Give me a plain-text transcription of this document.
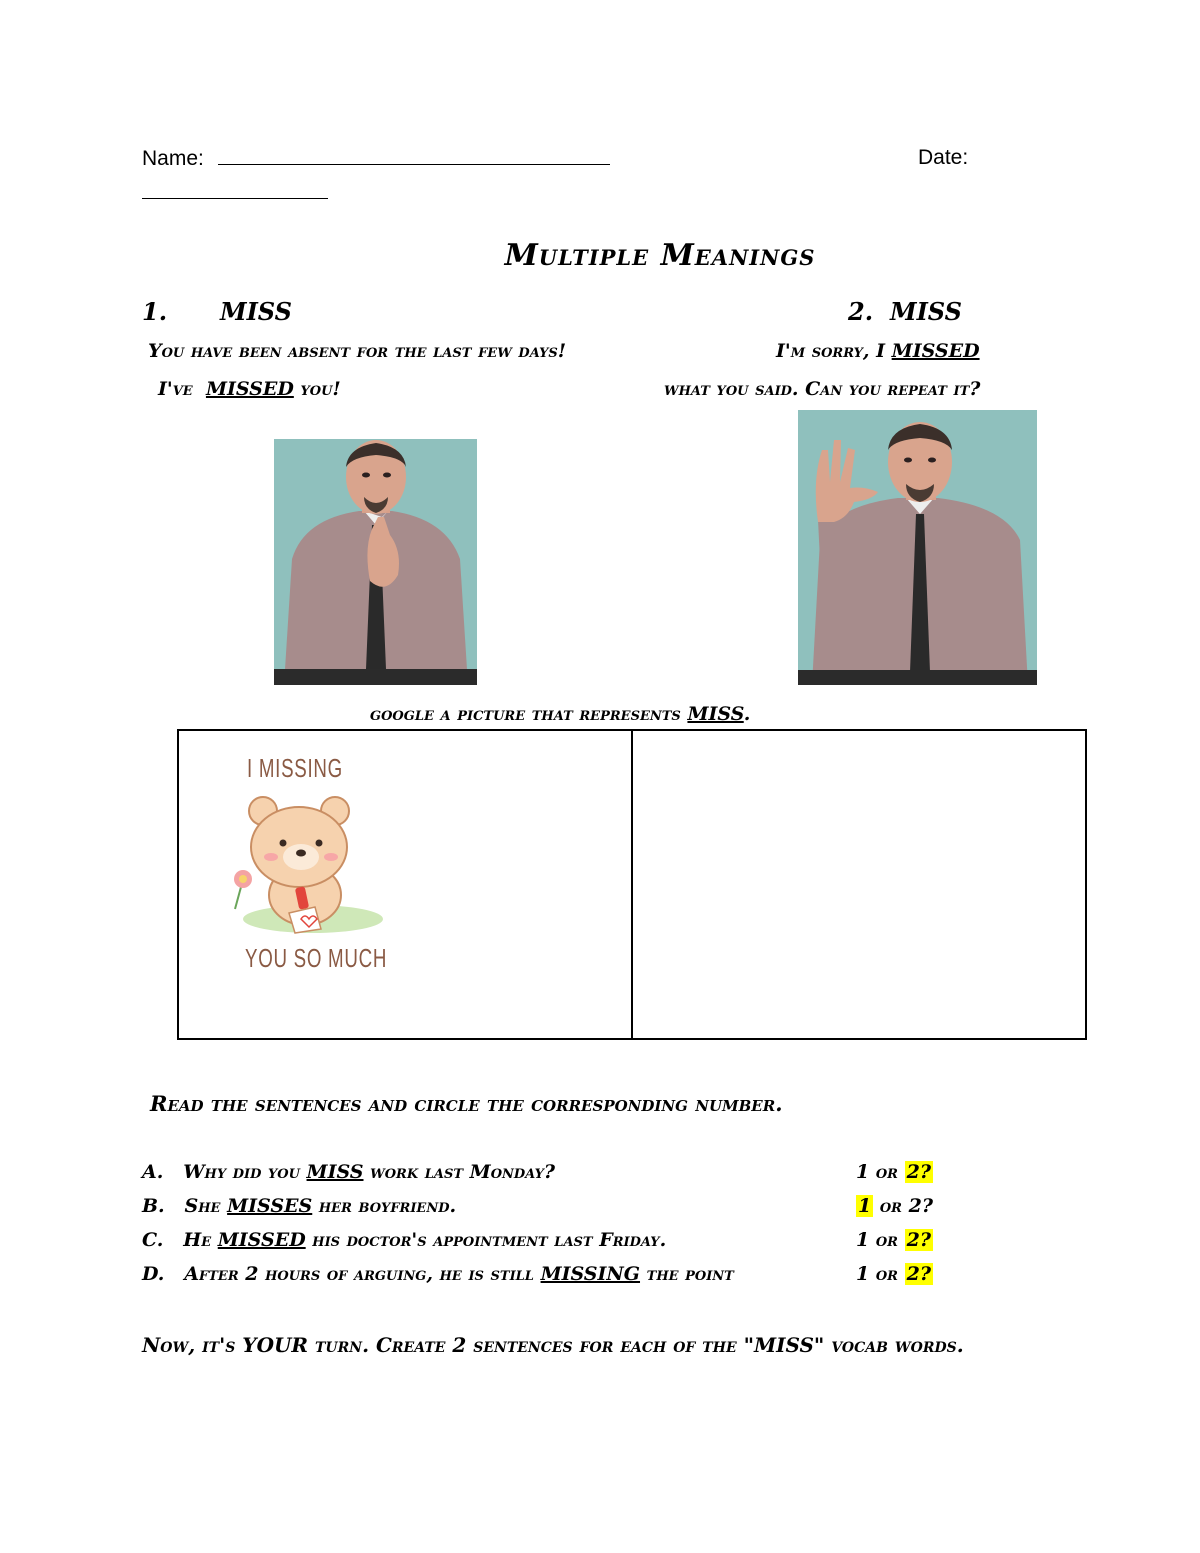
Name:	Date:
Multiple Meanings
1. MISS
You have been absent for the last few days!
I've MISSED you!
2. MISS
I'm sorry, I MISSED
what you said. Can you repeat it?
google a picture that represents MISS.
I MISSING
YOU SO MUCH
Read the sentences and circle the corresponding number.
A. Why did you MISS work last Monday?	1 or 2?
B. She MISSES her boyfriend.	1 or 2?
C. He MISSED his doctor's appointment last Friday.	1 or 2?
D. After 2 hours of arguing, he is still MISSING the point	1 or 2?
Now, it's YOUR turn. Create 2 sentences for each of the "MISS" vocab words.
